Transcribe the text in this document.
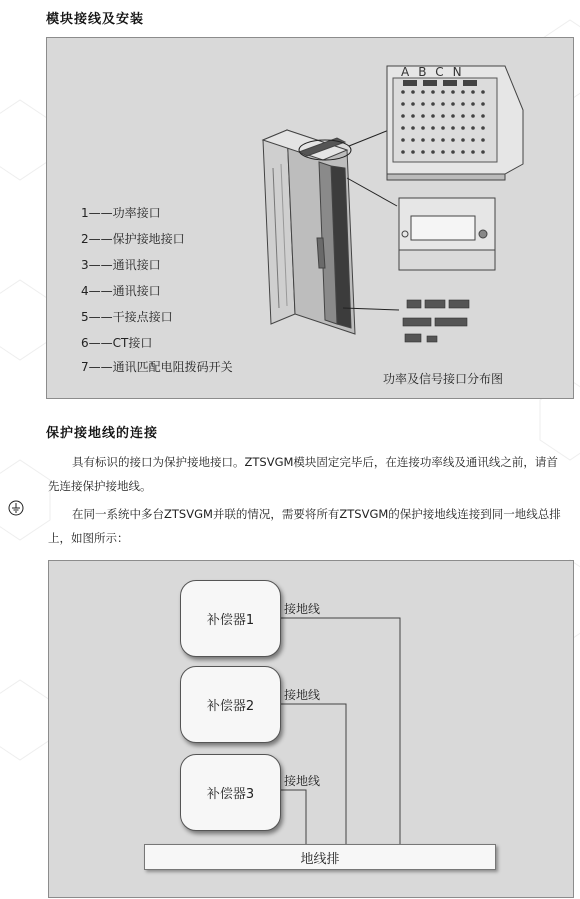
模块接线及安装
ABCN
1——功率接口
2——保护接地接口
3——通讯接口
4——通讯接口
5——干接点接口
6——CT接口
7——通讯匹配电阻拨码开关
功率及信号接口分布图
保护接地线的连接
具有标识的接口为保护接地接口。ZTSVGM模块固定完毕后，在连接功率线及通讯线之前，请首先连接保护接地线。
在同一系统中多台ZTSVGM并联的情况，需要将所有ZTSVGM的保护接地线连接到同一地线总排上，如图所示：
补偿器1
补偿器2
补偿器3
接地线
接地线
接地线
地线排
